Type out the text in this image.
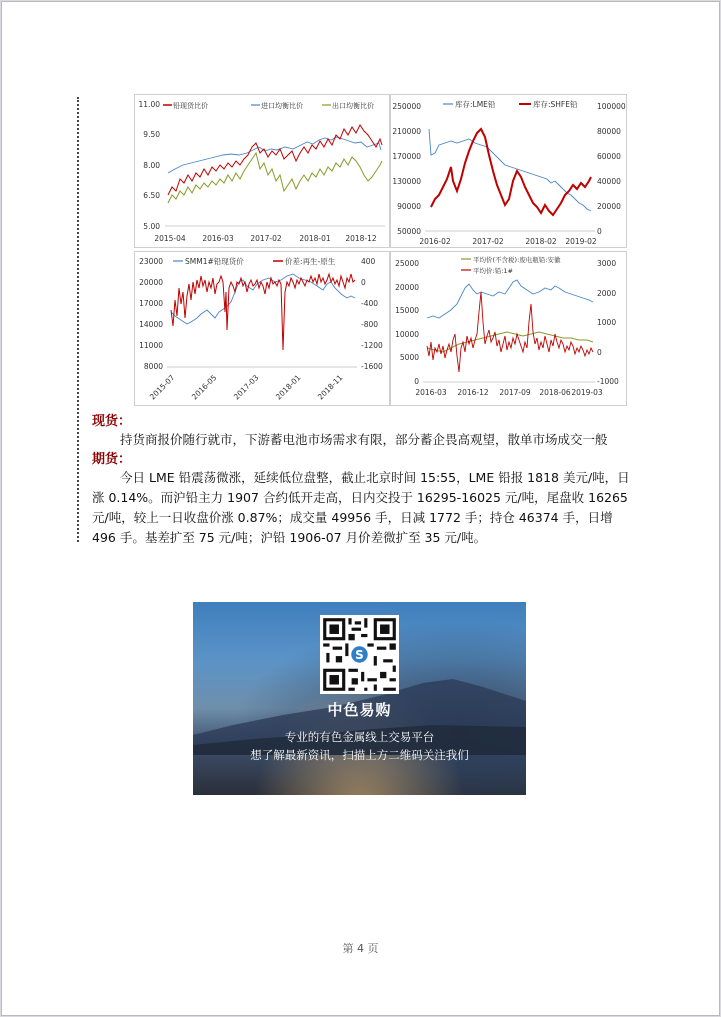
铅现货比价	进口均衡比价	出口均衡比价
11.00
9.50
8.00
6.50
5.00
2015-04 2016-03 2017-02 2018-01 2018-12
库存:LME铅	库存:SHFE铅
250000
210000
170000
130000
90000
50000
100000
80000
60000
40000
20000
0
2016-02	2017-02	2018-02 2019-02
SMM1#铅现货价	价差:再生-原生
23000
20000
17000
14000
11000
8000
400
0
-400
-800
-1200
-1600
2015-07 2016-05 2017-03 2018-01 2018-11
平均价(不含税):废电瓶铅:安徽
平均价:铅:1#
25000
20000
15000
10000
5000
0
3000
2000
1000
0
-1000
2016-03 2016-12 2017-09 2018-06 2019-03
现货：
持货商报价随行就市，下游蓄电池市场需求有限，部分蓄企畏高观望，散单市场成交一般
期货：
今日 LME 铅震荡微涨，延续低位盘整，截止北京时间 15:55，LME 铅报 1818 美元/吨，日涨 0.14%。而沪铅主力 1907 合约低开走高，日内交投于 16295-16025 元/吨，尾盘收 16265 元/吨，较上一日收盘价涨 0.87%；成交量 49956 手，日减 1772 手；持仓 46374 手，日增 496 手。基差扩至 75 元/吨；沪铅 1906-07 月价差微扩至 35 元/吨。
S
中色易购
专业的有色金属线上交易平台
想了解最新资讯，扫描上方二维码关注我们
第 4 页
